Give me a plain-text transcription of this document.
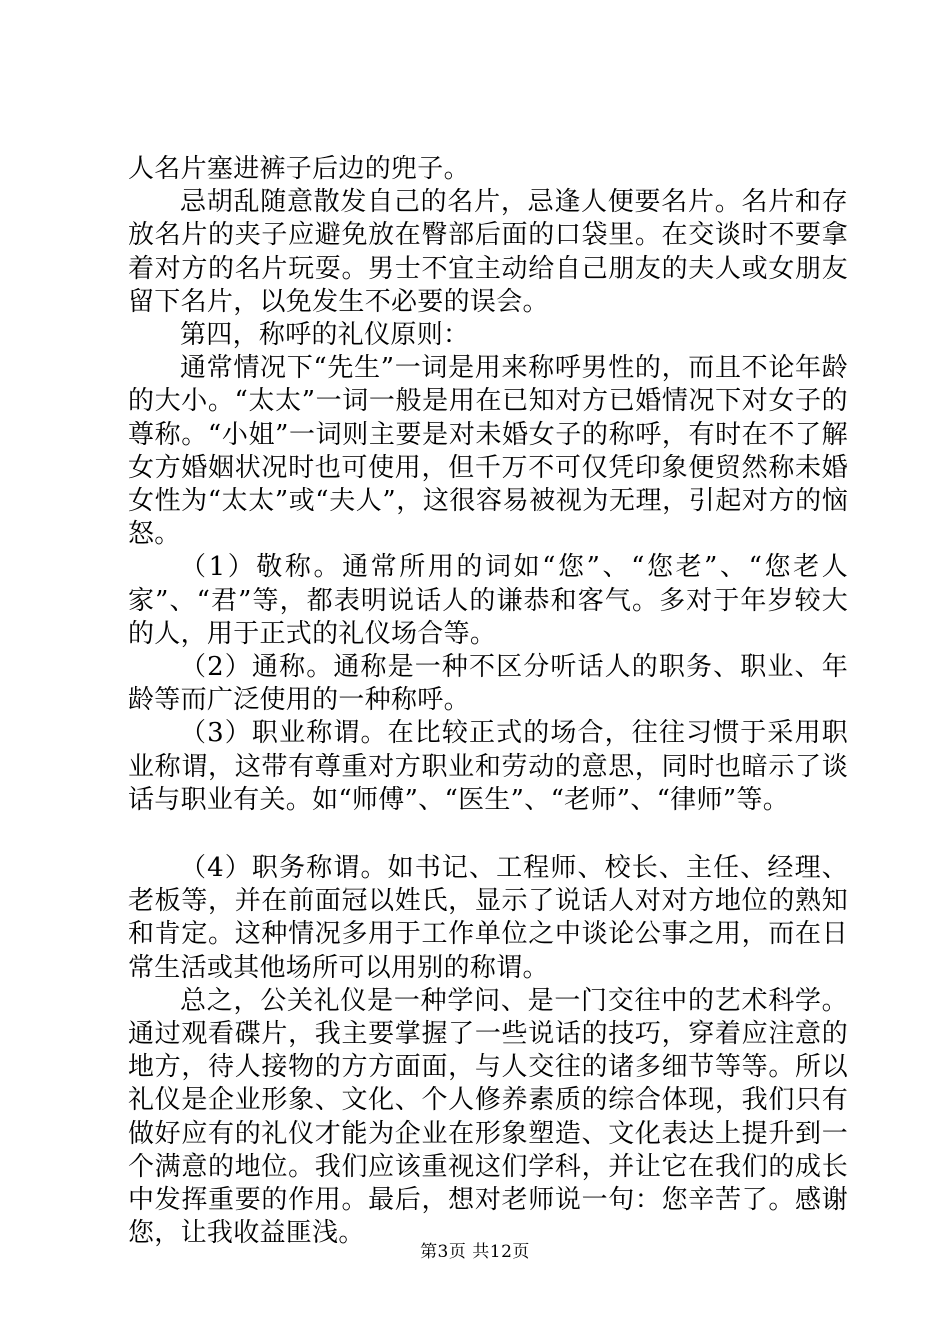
人名片塞进裤子后边的兜子。

忌胡乱随意散发自己的名片，忌逢人便要名片。名片和存放名片的夹子应避免放在臀部后面的口袋里。在交谈时不要拿着对方的名片玩耍。男士不宜主动给自己朋友的夫人或女朋友留下名片，以免发生不必要的误会。

第四，称呼的礼仪原则：

通常情况下“先生”一词是用来称呼男性的，而且不论年龄的大小。“太太”一词一般是用在已知对方已婚情况下对女子的尊称。“小姐”一词则主要是对未婚女子的称呼，有时在不了解女方婚姻状况时也可使用，但千万不可仅凭印象便贸然称未婚女性为“太太”或“夫人”，这很容易被视为无理，引起对方的恼怒。

（1）敬称。通常所用的词如“您”、“您老”、“您老人家”、“君”等，都表明说话人的谦恭和客气。多对于年岁较大的人，用于正式的礼仪场合等。

（2）通称。通称是一种不区分听话人的职务、职业、年龄等而广泛使用的一种称呼。

（3）职业称谓。在比较正式的场合，往往习惯于采用职业称谓，这带有尊重对方职业和劳动的意思，同时也暗示了谈话与职业有关。如“师傅”、“医生”、“老师”、“律师”等。

（4）职务称谓。如书记、工程师、校长、主任、经理、老板等，并在前面冠以姓氏，显示了说话人对对方地位的熟知和肯定。这种情况多用于工作单位之中谈论公事之用，而在日常生活或其他场所可以用别的称谓。

总之，公关礼仪是一种学问、是一门交往中的艺术科学。通过观看碟片，我主要掌握了一些说话的技巧，穿着应注意的地方，待人接物的方方面面，与人交往的诸多细节等等。所以礼仪是企业形象、文化、个人修养素质的综合体现，我们只有做好应有的礼仪才能为企业在形象塑造、文化表达上提升到一个满意的地位。我们应该重视这们学科，并让它在我们的成长中发挥重要的作用。最后，想对老师说一句：您辛苦了。感谢您，让我收益匪浅。

第3页 共12页
